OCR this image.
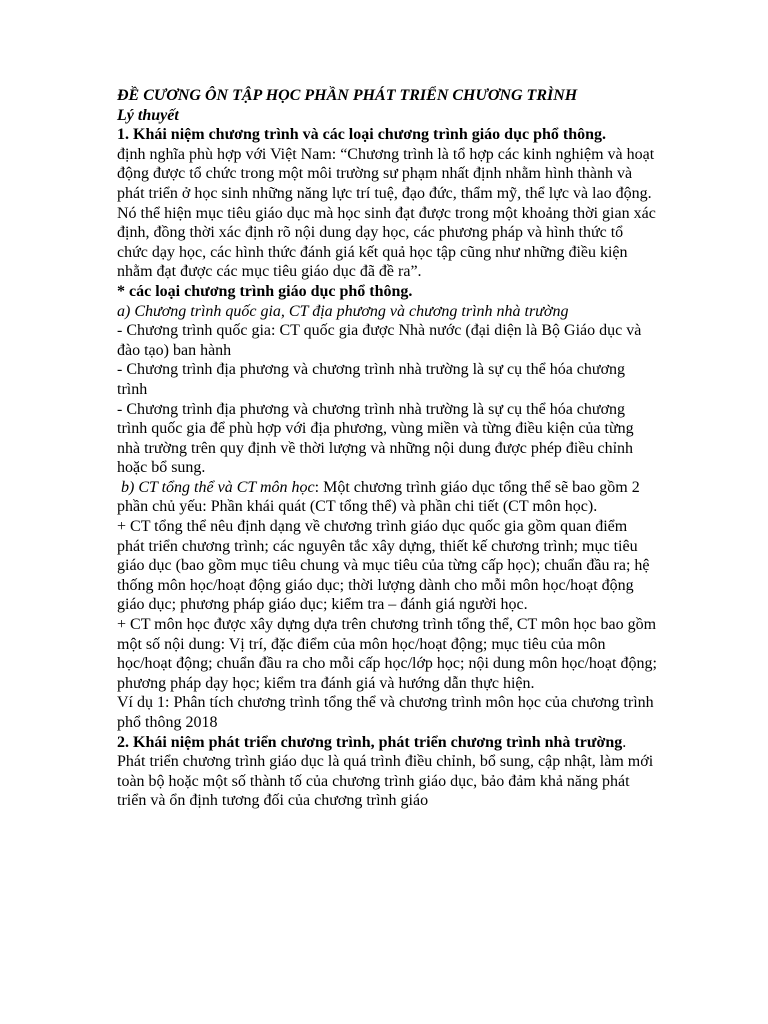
ĐỀ CƯƠNG ÔN TẬP HỌC PHẦN PHÁT TRIỂN CHƯƠNG TRÌNH

Lý thuyết

1. Khái niệm chương trình và các loại chương trình giáo dục phổ thông.

định nghĩa phù hợp với Việt Nam: “Chương trình là tổ hợp các kinh nghiệm và hoạt động được tổ chức trong một môi trường sư phạm nhất định nhằm hình thành và phát triển ở học sinh những năng lực trí tuệ, đạo đức, thẩm mỹ, thể lực và lao động. Nó thể hiện mục tiêu giáo dục mà học sinh đạt được trong một khoảng thời gian xác định, đồng thời xác định rõ nội dung dạy học, các phương pháp và hình thức tổ chức dạy học, các hình thức đánh giá kết quả học tập cũng như những điều kiện nhằm đạt được các mục tiêu giáo dục đã đề ra”.

* các loại chương trình giáo dục phổ thông.

a) Chương trình quốc gia, CT địa phương và chương trình nhà trường

- Chương trình quốc gia: CT quốc gia được Nhà nước (đại diện là Bộ Giáo dục và đào tạo) ban hành

- Chương trình địa phương và chương trình nhà trường là sự cụ thể hóa chương trình

- Chương trình địa phương và chương trình nhà trường là sự cụ thể hóa chương trình quốc gia để phù hợp với địa phương, vùng miền và từng điều kiện của từng nhà trường trên quy định về thời lượng và những nội dung được phép điều chỉnh hoặc bổ sung.

b) CT tổng thể và CT môn học: Một chương trình giáo dục tổng thể sẽ bao gồm 2 phần chủ yếu: Phần khái quát (CT tổng thể) và phần chi tiết (CT môn học).

+ CT tổng thể nêu định dạng về chương trình giáo dục quốc gia gồm quan điểm phát triển chương trình; các nguyên tắc xây dựng, thiết kế chương trình; mục tiêu giáo dục (bao gồm mục tiêu chung và mục tiêu của từng cấp học); chuẩn đầu ra; hệ thống môn học/hoạt động giáo dục; thời lượng dành cho mỗi môn học/hoạt động giáo dục; phương pháp giáo dục; kiểm tra – đánh giá người học.

+ CT môn học được xây dựng dựa trên chương trình tổng thể, CT môn học bao gồm một số nội dung: Vị trí, đặc điểm của môn học/hoạt động; mục tiêu của môn học/hoạt động; chuẩn đầu ra cho mỗi cấp học/lớp học; nội dung môn học/hoạt động; phương pháp dạy học; kiểm tra đánh giá và hướng dẫn thực hiện.

Ví dụ 1: Phân tích chương trình tổng thể và chương trình môn học của chương trình phổ thông 2018

2. Khái niệm phát triển chương trình, phát triển chương trình nhà trường.

Phát triển chương trình giáo dục là quá trình điều chỉnh, bổ sung, cập nhật, làm mới toàn bộ hoặc một số thành tố của chương trình giáo dục, bảo đảm khả năng phát triển và ổn định tương đối của chương trình giáo
